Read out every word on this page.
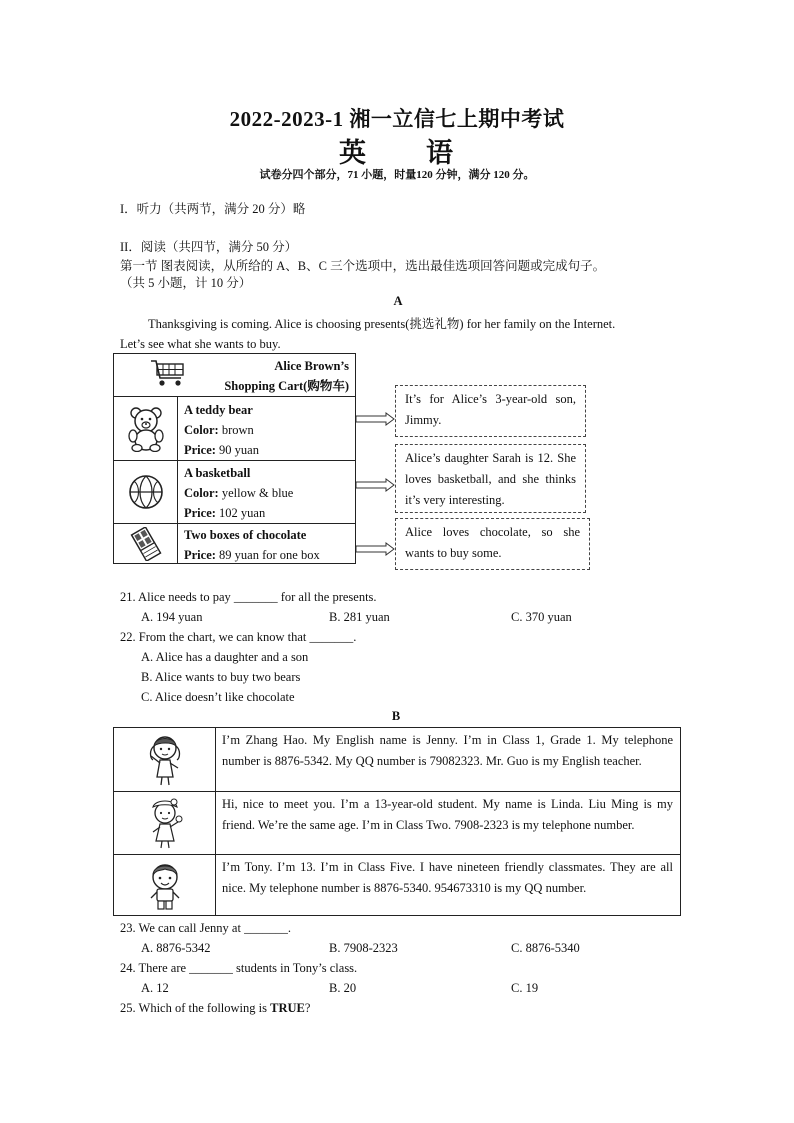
2022-2023-1 湘一立信七上期中考试
英　　语
试卷分四个部分，71 小题，时量120 分钟，满分 120 分。
I．听力（共两节，满分 20 分）略
II．阅读（共四节，满分 50 分）
第一节 图表阅读，从所给的 A、B、C 三个选项中，选出最佳选项回答问题或完成句子。
（共 5 小题，计 10 分）
A
Thanksgiving is coming. Alice is choosing presents(挑选礼物) for her family on the Internet.
Let’s see what she wants to buy.
Alice Brown’s
Shopping Cart(购物车)
A teddy bear
Color: brown
Price: 90 yuan
A basketball
Color: yellow & blue
Price: 102 yuan
Two boxes of chocolate
Price: 89 yuan for one box
It’s for Alice’s 3-year-old son, Jimmy.
Alice’s daughter Sarah is 12. She loves basketball, and she thinks it’s very interesting.
Alice loves chocolate, so she wants to buy some.
21. Alice needs to pay _______ for all the presents.
A. 194 yuan	B. 281 yuan	C. 370 yuan
22. From the chart, we can know that _______.
A. Alice has a daughter and a son
B. Alice wants to buy two bears
C. Alice doesn’t like chocolate
B
I’m Zhang Hao. My English name is Jenny. I’m in Class 1, Grade 1. My telephone number is 8876-5342. My QQ number is 79082323. Mr. Guo is my English teacher.
Hi, nice to meet you. I’m a 13-year-old student. My name is Linda. Liu Ming is my friend. We’re the same age. I’m in Class Two. 7908-2323 is my telephone number.
I’m Tony. I’m 13. I’m in Class Five. I have nineteen friendly classmates. They are all nice. My telephone number is 8876-5340. 954673310 is my QQ number.
23. We can call Jenny at _______.
A. 8876-5342	B. 7908-2323	C. 8876-5340
24. There are _______ students in Tony’s class.
A. 12	B. 20	C. 19
25. Which of the following is TRUE?
